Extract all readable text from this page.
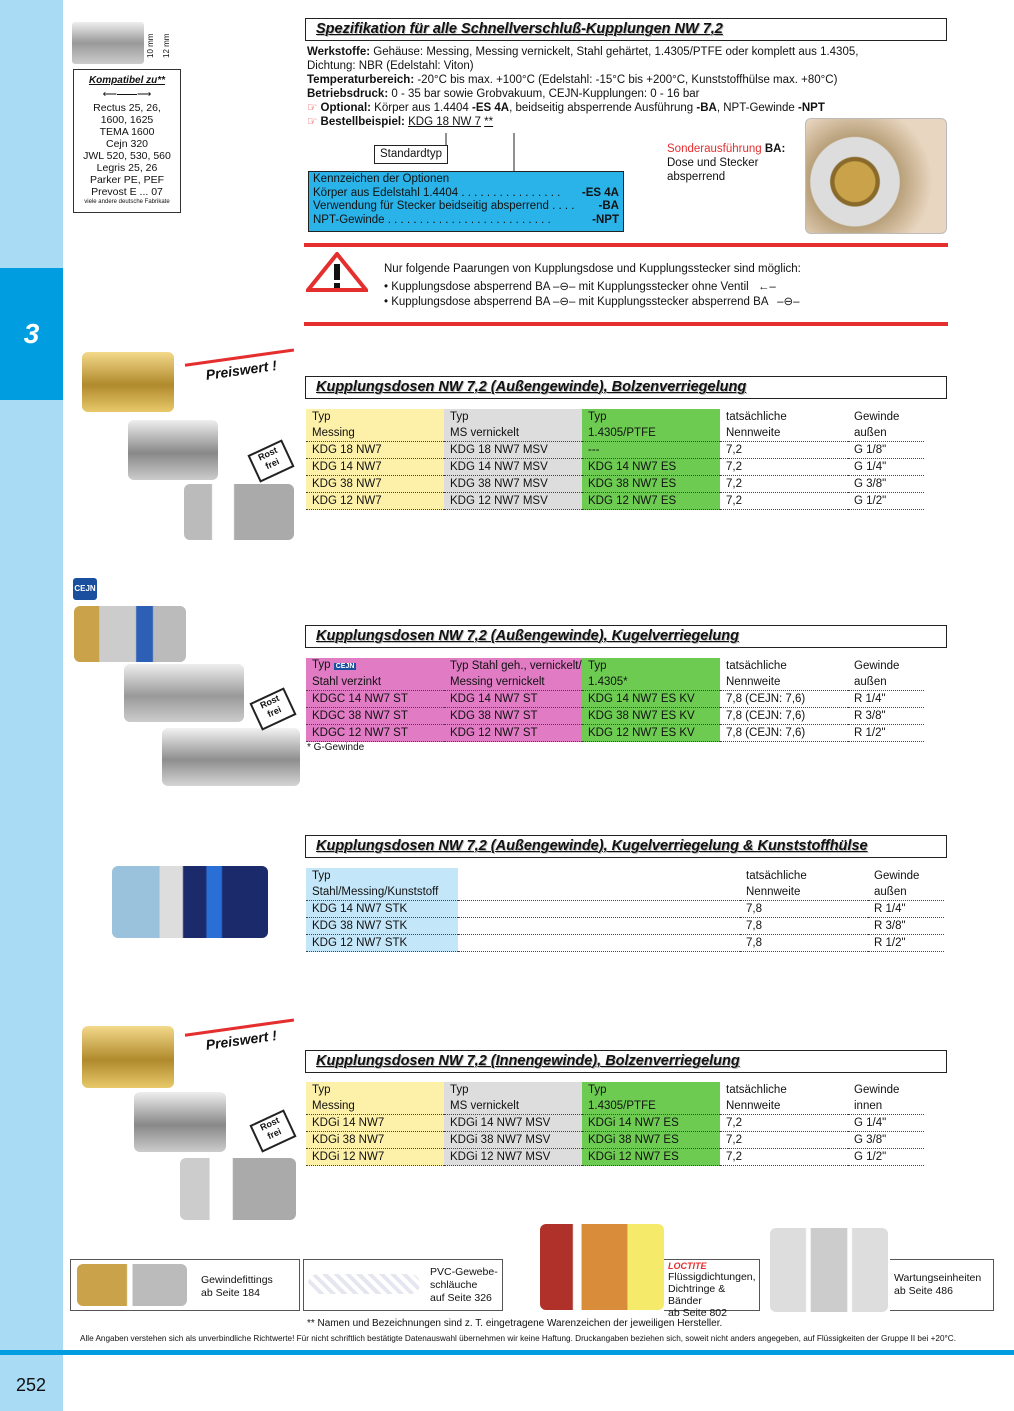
3
10 mm 12 mm
Kompatibel zu**
⟵⎯⎯⎯⎯⟶
Rectus 25, 26,
1600, 1625
TEMA 1600
Cejn 320
JWL 520, 530, 560
Legris 25, 26
Parker PE, PEF
Prevost E ... 07
viele andere deutsche Fabrikate
Spezifikation für alle Schnellverschluß-Kupplungen NW 7,2

Werkstoffe: Gehäuse: Messing, Messing vernickelt, Stahl gehärtet, 1.4305/PTFE oder komplett aus 1.4305,

Dichtung: NBR (Edelstahl: Viton)

Temperaturbereich: -20°C bis max. +100°C (Edelstahl: -15°C bis +200°C, Kunststoffhülse max. +80°C)

Betriebsdruck: 0 - 35 bar sowie Grobvakuum, CEJN-Kupplungen: 0 - 16 bar

☞ Optional: Körper aus 1.4404 -ES 4A, beidseitig absperrende Ausführung -BA, NPT-Gewinde -NPT

☞ Bestellbeispiel: KDG 18 NW 7 **

Standardtyp
Kennzeichen der Optionen
Körper aus Edelstahl 1.4404 . . . . . . . . . . . . . . . . -ES 4A
Verwendung für Stecker beidseitig absperrend . . . . -BA
NPT-Gewinde . . . . . . . . . . . . . . . . . . . . . . . . . .	-NPT
Sonderausführung BA:
Dose und Stecker
absperrend
Nur folgende Paarungen von Kupplungsdose und Kupplungsstecker sind möglich:
• Kupplungsdose absperrend BA –⊖– mit Kupplungsstecker ohne Ventil ←–
• Kupplungsdose absperrend BA –⊖– mit Kupplungsstecker absperrend BA –⊖–
Preiswert !
Rost frei
Kupplungsdosen NW 7,2 (Außengewinde), Bolzenverriegelung
Typ	Typ	Typ	tatsächliche	Gewinde
Messing	MS vernickelt	1.4305/PTFE	Nennweite	außen
KDG 18 NW7	KDG 18 NW7 MSV	---	7,2	G 1/8"
KDG 14 NW7	KDG 14 NW7 MSV	KDG 14 NW7 ES	7,2	G 1/4"
KDG 38 NW7	KDG 38 NW7 MSV	KDG 38 NW7 ES	7,2	G 3/8"
KDG 12 NW7	KDG 12 NW7 MSV	KDG 12 NW7 ES	7,2	G 1/2"
CEJN
Rost frei
Kupplungsdosen NW 7,2 (Außengewinde), Kugelverriegelung
Typ CEJN	Typ Stahl geh., vernickelt/	Typ	tatsächliche	Gewinde
Stahl verzinkt	Messing vernickelt	1.4305*	Nennweite	außen
KDGC 14 NW7 ST	KDG 14 NW7 ST	KDG 14 NW7 ES KV	7,8 (CEJN: 7,6)	R 1/4"
KDGC 38 NW7 ST	KDG 38 NW7 ST	KDG 38 NW7 ES KV	7,8 (CEJN: 7,6)	R 3/8"
KDGC 12 NW7 ST	KDG 12 NW7 ST	KDG 12 NW7 ES KV	7,8 (CEJN: 7,6)	R 1/2"
* G-Gewinde
Kupplungsdosen NW 7,2 (Außengewinde), Kugelverriegelung & Kunststoffhülse
Typ		tatsächliche	Gewinde
Stahl/Messing/Kunststoff		Nennweite	außen
KDG 14 NW7 STK		7,8	R 1/4"
KDG 38 NW7 STK		7,8	R 3/8"
KDG 12 NW7 STK		7,8	R 1/2"
Preiswert !
Rost frei
Kupplungsdosen NW 7,2 (Innengewinde), Bolzenverriegelung
Typ	Typ	Typ	tatsächliche	Gewinde
Messing	MS vernickelt	1.4305/PTFE	Nennweite	innen
KDGi 14 NW7	KDGi 14 NW7 MSV	KDGi 14 NW7 ES	7,2	G 1/4"
KDGi 38 NW7	KDGi 38 NW7 MSV	KDGi 38 NW7 ES	7,2	G 3/8"
KDGi 12 NW7	KDGi 12 NW7 MSV	KDGi 12 NW7 ES	7,2	G 1/2"
Gewindefittings
ab Seite 184
PVC-Gewebe-
schläuche
auf Seite 326
LOCTITE
Flüssigdichtungen,
Dichtringe & Bänder
ab Seite 802
Wartungseinheiten
ab Seite 486
** Namen und Bezeichnungen sind z. T. eingetragene Warenzeichen der jeweiligen Hersteller.
Alle Angaben verstehen sich als unverbindliche Richtwerte! Für nicht schriftlich bestätigte Datenauswahl übernehmen wir keine Haftung. Druckangaben beziehen sich, soweit nicht anders angegeben, auf Flüssigkeiten der Gruppe II bei +20°C.
252
